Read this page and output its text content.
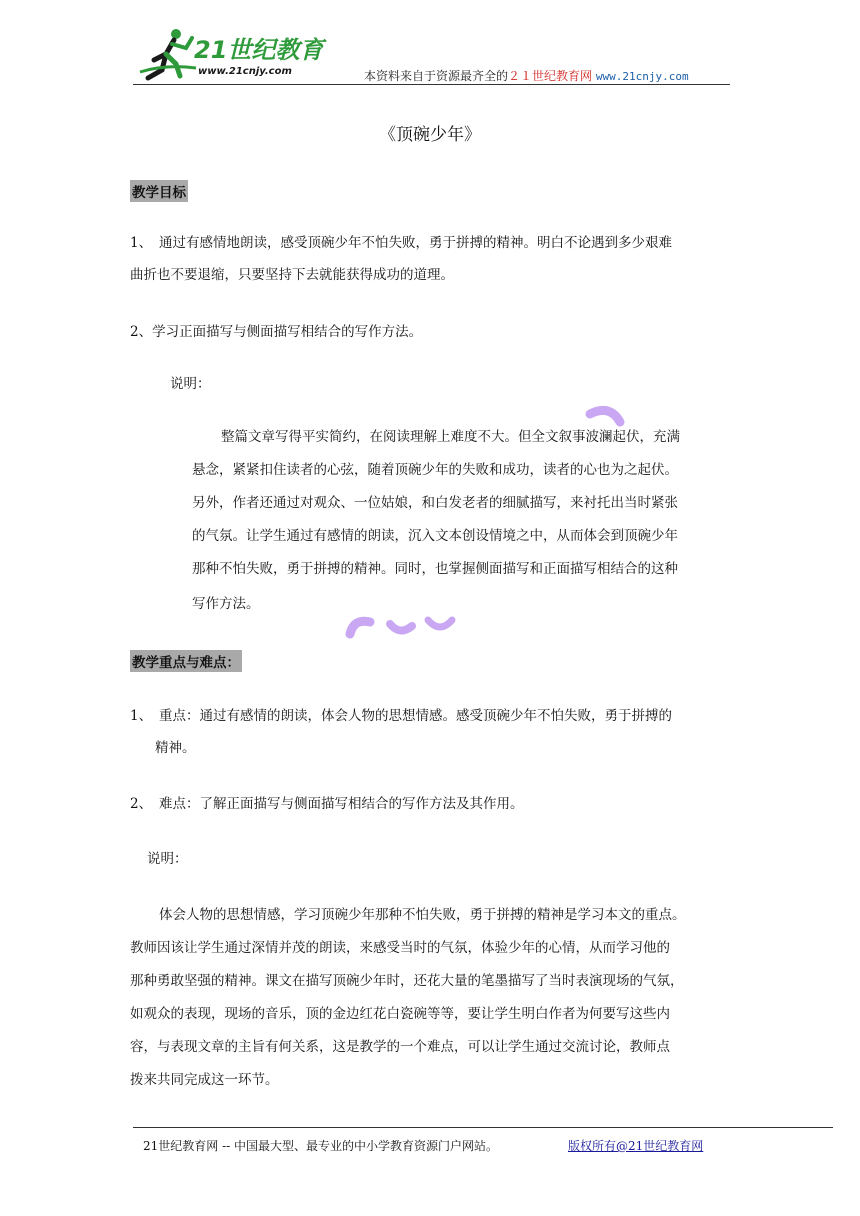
21世纪教育
www.21cnjy.com	本资料来自于资源最齐全的２１世纪教育网 www.21cnjy.com
《顶碗少年》
教学目标
1、 通过有感情地朗读，感受顶碗少年不怕失败，勇于拼搏的精神。明白不论遇到多少艰难
曲折也不要退缩，只要坚持下去就能获得成功的道理。
2、学习正面描写与侧面描写相结合的写作方法。
说明：
整篇文章写得平实简约，在阅读理解上难度不大。但全文叙事波澜起伏，充满
悬念，紧紧扣住读者的心弦，随着顶碗少年的失败和成功，读者的心也为之起伏。
另外，作者还通过对观众、一位姑娘，和白发老者的细腻描写，来衬托出当时紧张
的气氛。让学生通过有感情的朗读，沉入文本创设情境之中，从而体会到顶碗少年
那种不怕失败，勇于拼搏的精神。同时，也掌握侧面描写和正面描写相结合的这种
写作方法。
教学重点与难点：
1、 重点：通过有感情的朗读，体会人物的思想情感。感受顶碗少年不怕失败，勇于拼搏的
精神。
2、 难点：了解正面描写与侧面描写相结合的写作方法及其作用。
说明：
体会人物的思想情感，学习顶碗少年那种不怕失败，勇于拼搏的精神是学习本文的重点。
教师因该让学生通过深情并茂的朗读，来感受当时的气氛，体验少年的心情，从而学习他的
那种勇敢坚强的精神。课文在描写顶碗少年时，还花大量的笔墨描写了当时表演现场的气氛，
如观众的表现，现场的音乐，顶的金边红花白瓷碗等等，要让学生明白作者为何要写这些内
容，与表现文章的主旨有何关系，这是教学的一个难点，可以让学生通过交流讨论，教师点
拨来共同完成这一环节。
21世纪教育网 -- 中国最大型、最专业的中小学教育资源门户网站。	版权所有@21世纪教育网
